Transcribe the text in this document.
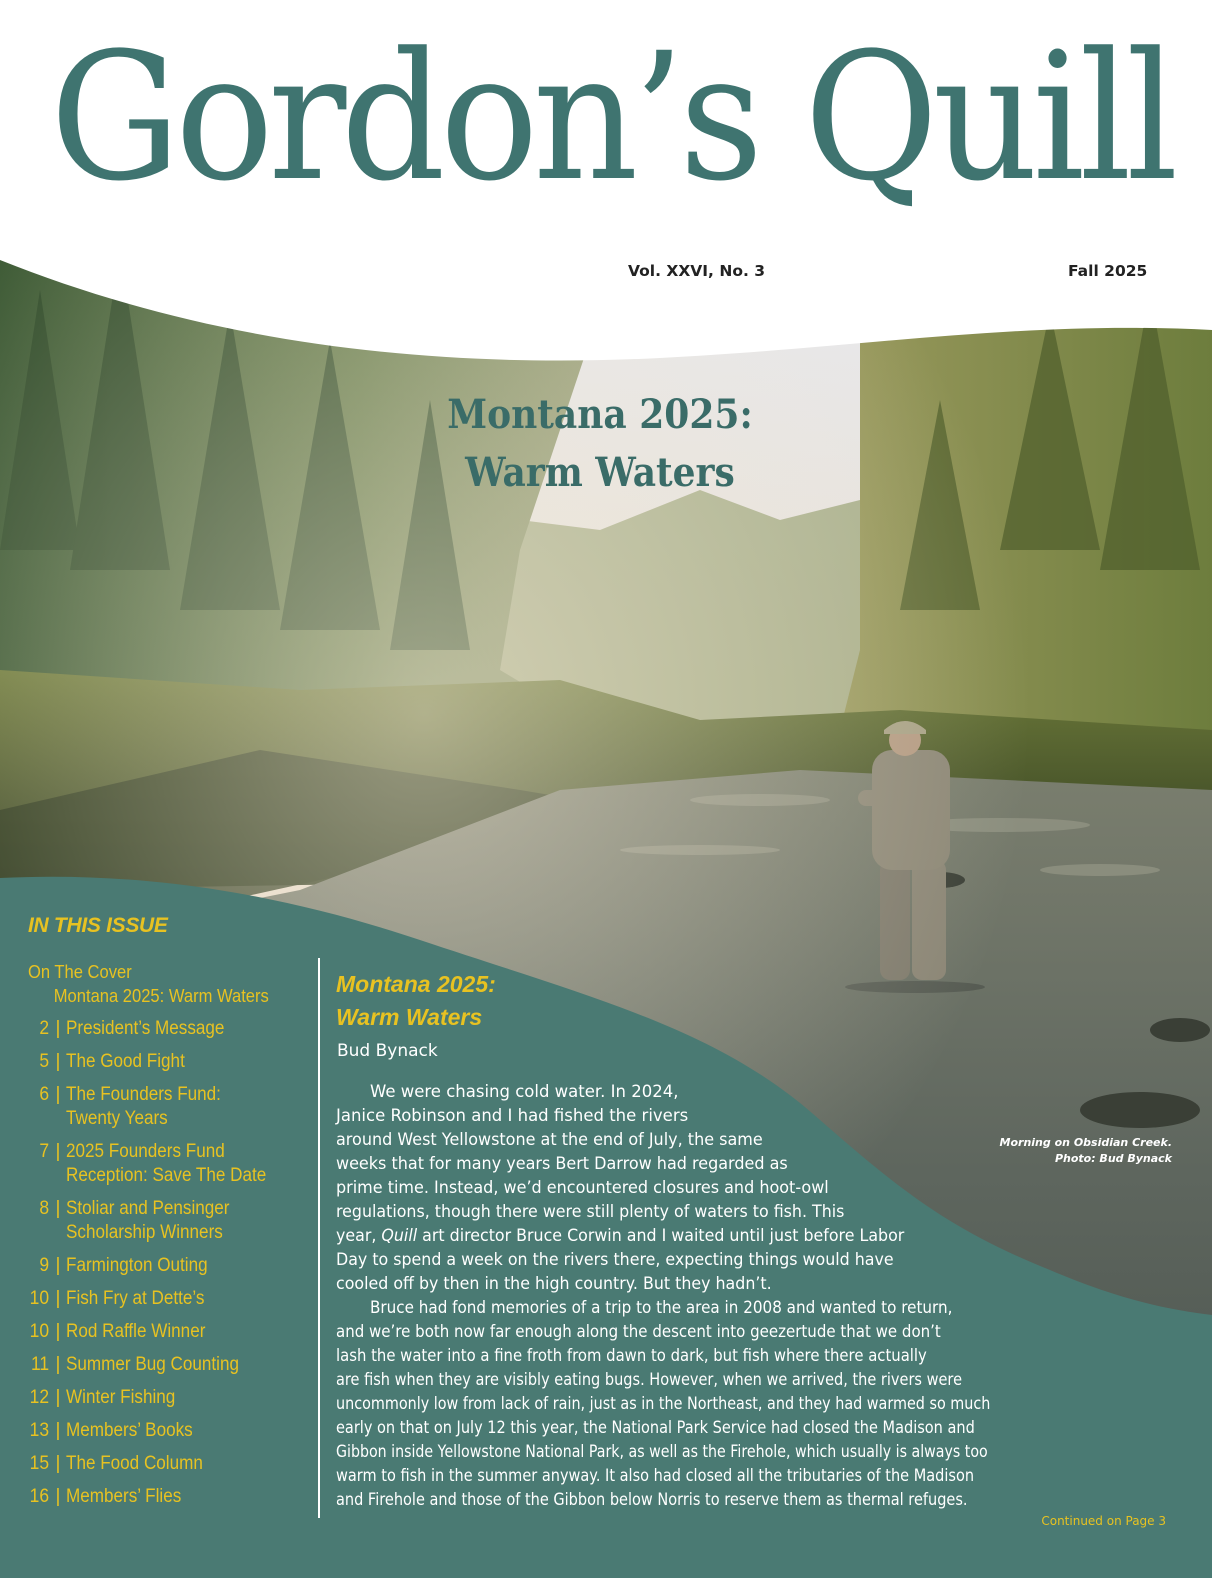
Gordon’s Quill
Vol. XXVI, No. 3	Fall 2025
Montana 2025:
Warm Waters
Morning on Obsidian Creek.
Photo: Bud Bynack
IN THIS ISSUE
On The Cover
Montana 2025: Warm Waters
2 | President’s Message
5 | The Good Fight
6 | The Founders Fund:
Twenty Years
7 | 2025 Founders Fund
Reception: Save The Date
8 | Stoliar and Pensinger
Scholarship Winners
9 | Farmington Outing
10 | Fish Fry at Dette’s
10 | Rod Raffle Winner
11 | Summer Bug Counting
12 | Winter Fishing
13 | Members’ Books
15 | The Food Column
16 | Members’ Flies
Montana 2025:
Warm Waters
Bud Bynack
We were chasing cold water. In 2024,
Janice Robinson and I had fished the rivers
around West Yellowstone at the end of July, the same
weeks that for many years Bert Darrow had regarded as
prime time. Instead, we’d encountered closures and hoot-owl
regulations, though there were still plenty of waters to fish. This
year, Quill art director Bruce Corwin and I waited until just before Labor
Day to spend a week on the rivers there, expecting things would have
cooled off by then in the high country. But they hadn’t.
Bruce had fond memories of a trip to the area in 2008 and wanted to return,
and we’re both now far enough along the descent into geezertude that we don’t
lash the water into a fine froth from dawn to dark, but fish where there actually
are fish when they are visibly eating bugs. However, when we arrived, the rivers were
uncommonly low from lack of rain, just as in the Northeast, and they had warmed so much
early on that on July 12 this year, the National Park Service had closed the Madison and
Gibbon inside Yellowstone National Park, as well as the Firehole, which usually is always too
warm to fish in the summer anyway. It also had closed all the tributaries of the Madison
and Firehole and those of the Gibbon below Norris to reserve them as thermal refuges.
Continued on Page 3
